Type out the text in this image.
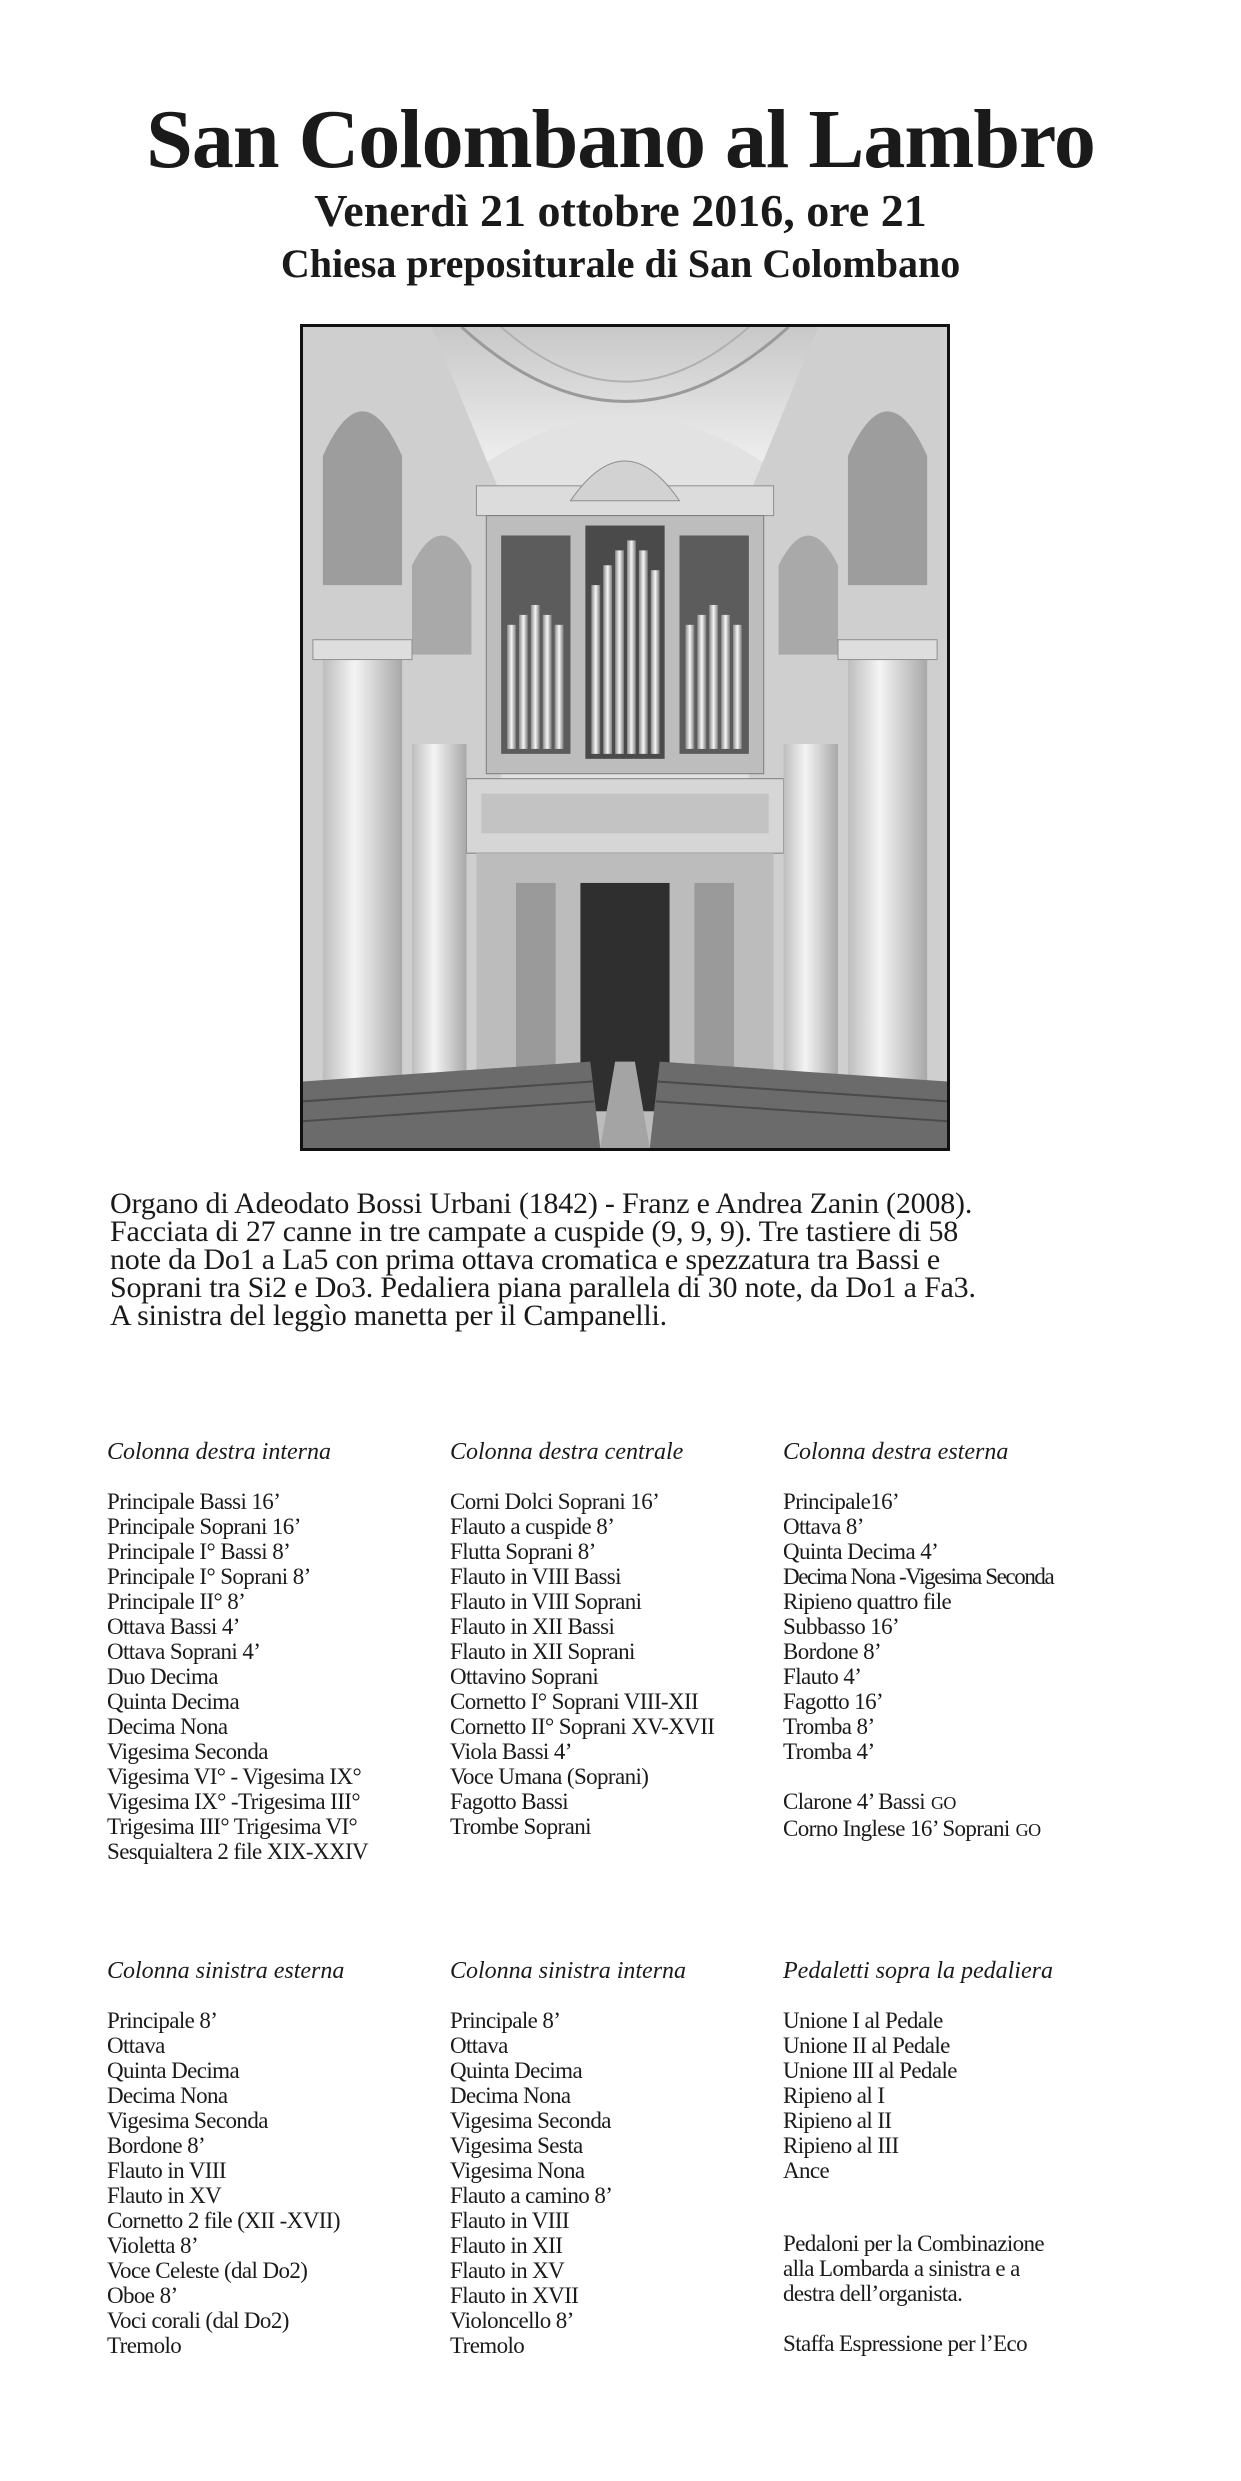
San Colombano al Lambro
Venerdì 21 ottobre 2016, ore 21
Chiesa prepositurale di San Colombano
Organo di Adeodato Bossi Urbani (1842) - Franz e Andrea Zanin (2008).
Facciata di 27 canne in tre campate a cuspide (9, 9, 9). Tre tastiere di 58
note da Do1 a La5 con prima ottava cromatica e spezzatura tra Bassi e
Soprani tra Si2 e Do3. Pedaliera piana parallela di 30 note, da Do1 a Fa3.
A sinistra del leggìo manetta per il Campanelli.
Colonna destra interna
Principale Bassi 16’
Principale Soprani 16’
Principale I° Bassi 8’
Principale I° Soprani 8’
Principale II° 8’
Ottava Bassi 4’
Ottava Soprani 4’
Duo Decima
Quinta Decima
Decima Nona
Vigesima Seconda
Vigesima VI° - Vigesima IX°
Vigesima IX° -Trigesima III°
Trigesima III° Trigesima VI°
Sesquialtera 2 file XIX-XXIV
Colonna destra centrale
Corni Dolci Soprani 16’
Flauto a cuspide 8’
Flutta Soprani 8’
Flauto in VIII Bassi
Flauto in VIII Soprani
Flauto in XII Bassi
Flauto in XII Soprani
Ottavino Soprani
Cornetto I° Soprani VIII-XII
Cornetto II° Soprani XV-XVII
Viola Bassi 4’
Voce Umana (Soprani)
Fagotto Bassi
Trombe Soprani
Colonna destra esterna
Principale16’
Ottava 8’
Quinta Decima 4’
Decima Nona -Vigesima Seconda
Ripieno quattro file
Subbasso 16’
Bordone 8’
Flauto 4’
Fagotto 16’
Tromba 8’
Tromba 4’
Clarone 4’ Bassi GO
Corno Inglese 16’ Soprani GO
Colonna sinistra esterna
Principale 8’
Ottava
Quinta Decima
Decima Nona
Vigesima Seconda
Bordone 8’
Flauto in VIII
Flauto in XV
Cornetto 2 file (XII -XVII)
Violetta 8’
Voce Celeste (dal Do2)
Oboe 8’
Voci corali (dal Do2)
Tremolo
Colonna sinistra interna
Principale 8’
Ottava
Quinta Decima
Decima Nona
Vigesima Seconda
Vigesima Sesta
Vigesima Nona
Flauto a camino 8’
Flauto in VIII
Flauto in XII
Flauto in XV
Flauto in XVII
Violoncello 8’
Tremolo
Pedaletti sopra la pedaliera
Unione I al Pedale
Unione II al Pedale
Unione III al Pedale
Ripieno al I
Ripieno al II
Ripieno al III
Ance
Pedaloni per la Combinazione
alla Lombarda a sinistra e a
destra dell’organista.
Staffa Espressione per l’Eco
